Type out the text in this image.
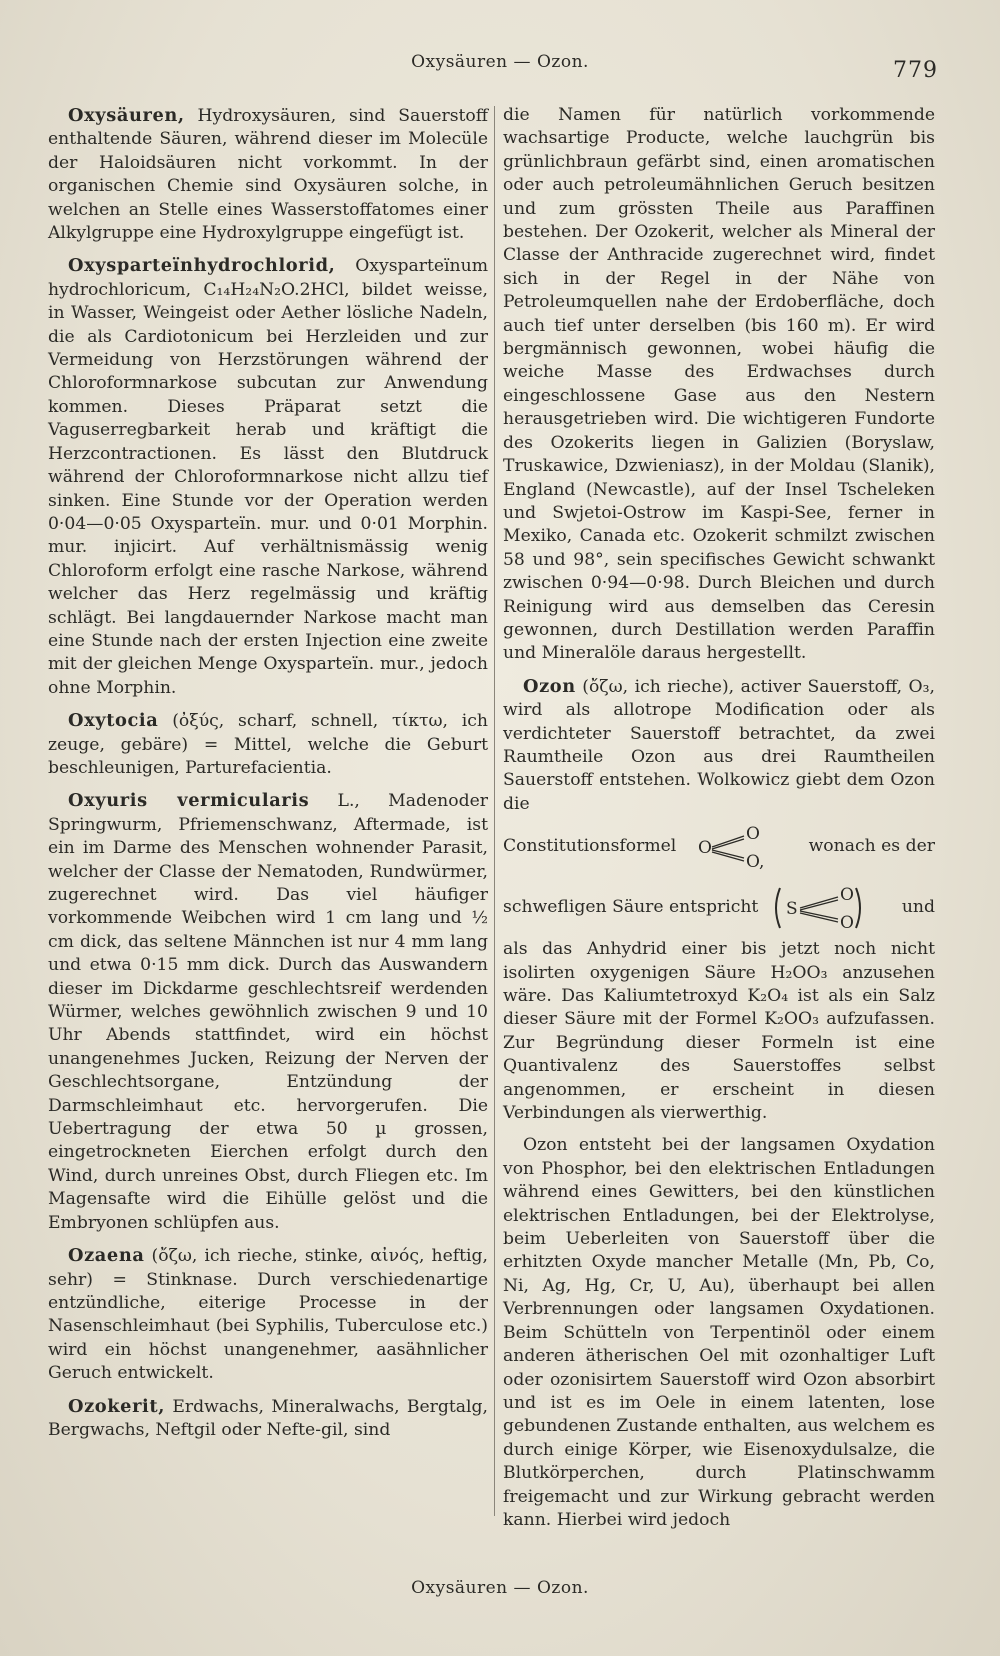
Oxysäuren — Ozon.	779

Oxysäuren, Hydroxysäuren, sind Sauerstoff enthaltende Säuren, während dieser im Molecüle der Haloidsäuren nicht vorkommt. In der organischen Chemie sind Oxysäuren solche, in welchen an Stelle eines Wasserstoffatomes einer Alkylgruppe eine Hydroxylgruppe eingefügt ist.

Oxysparteïnhydrochlorid, Oxysparteïnum hydrochloricum, C₁₄H₂₄N₂O.2HCl, bildet weisse, in Wasser, Weingeist oder Aether lösliche Nadeln, die als Cardiotonicum bei Herzleiden und zur Vermeidung von Herzstörungen während der Chloroformnarkose subcutan zur Anwendung kommen. Dieses Präparat setzt die Vaguserregbarkeit herab und kräftigt die Herzcontractionen. Es lässt den Blutdruck während der Chloroformnarkose nicht allzu tief sinken. Eine Stunde vor der Operation werden 0·04—0·05 Oxysparteïn. mur. und 0·01 Morphin. mur. injicirt. Auf verhältnismässig wenig Chloroform erfolgt eine rasche Narkose, während welcher das Herz regelmässig und kräftig schlägt. Bei langdauernder Narkose macht man eine Stunde nach der ersten Injection eine zweite mit der gleichen Menge Oxysparteïn. mur., jedoch ohne Morphin.

Oxytocia (ὀξύς, scharf, schnell, τίκτω, ich zeuge, gebäre) = Mittel, welche die Geburt beschleunigen, Parturefacientia.

Oxyuris vermicularis L., Madenoder Springwurm, Pfriemenschwanz, Aftermade, ist ein im Darme des Menschen wohnender Parasit, welcher der Classe der Nematoden, Rundwürmer, zugerechnet wird. Das viel häufiger vorkommende Weibchen wird 1 cm lang und ½ cm dick, das seltene Männchen ist nur 4 mm lang und etwa 0·15 mm dick. Durch das Auswandern dieser im Dickdarme geschlechtsreif werdenden Würmer, welches gewöhnlich zwischen 9 und 10 Uhr Abends stattfindet, wird ein höchst unangenehmes Jucken, Reizung der Nerven der Geschlechtsorgane, Entzündung der Darmschleimhaut etc. hervorgerufen. Die Uebertragung der etwa 50 µ grossen, eingetrockneten Eierchen erfolgt durch den Wind, durch unreines Obst, durch Fliegen etc. Im Magensafte wird die Eihülle gelöst und die Embryonen schlüpfen aus.

Ozaena (ὄζω, ich rieche, stinke, αἰνός, heftig, sehr) = Stinknase. Durch verschiedenartige entzündliche, eiterige Processe in der Nasenschleimhaut (bei Syphilis, Tuberculose etc.) wird ein höchst unangenehmer, aasähnlicher Geruch entwickelt.

Ozokerit, Erdwachs, Mineralwachs, Bergtalg, Bergwachs, Neftgil oder Nefte-gil, sind

die Namen für natürlich vorkommende wachsartige Producte, welche lauchgrün bis grünlichbraun gefärbt sind, einen aromatischen oder auch petroleumähnlichen Geruch besitzen und zum grössten Theile aus Paraffinen bestehen. Der Ozokerit, welcher als Mineral der Classe der Anthracide zugerechnet wird, findet sich in der Regel in der Nähe von Petroleumquellen nahe der Erdoberfläche, doch auch tief unter derselben (bis 160 m). Er wird bergmännisch gewonnen, wobei häufig die weiche Masse des Erdwachses durch eingeschlossene Gase aus den Nestern herausgetrieben wird. Die wichtigeren Fundorte des Ozokerits liegen in Galizien (Boryslaw, Truskawice, Dzwieniasz), in der Moldau (Slanik), England (Newcastle), auf der Insel Tscheleken und Swjetoi-Ostrow im Kaspi-See, ferner in Mexiko, Canada etc. Ozokerit schmilzt zwischen 58 und 98°, sein specifisches Gewicht schwankt zwischen 0·94—0·98. Durch Bleichen und durch Reinigung wird aus demselben das Ceresin gewonnen, durch Destillation werden Paraffin und Mineralöle daraus hergestellt.

Ozon (ὄζω, ich rieche), activer Sauerstoff, O₃, wird als allotrope Modification oder als verdichteter Sauerstoff betrachtet, da zwei Raumtheile Ozon aus drei Raumtheilen Sauerstoff entstehen. Wolkowicz giebt dem Ozon die

Constitutionsformel O
O
O,
wonach es der
schwefligen Säure entspricht S
O
O
und

als das Anhydrid einer bis jetzt noch nicht isolirten oxygenigen Säure H₂OO₃ anzusehen wäre. Das Kaliumtetroxyd K₂O₄ ist als ein Salz dieser Säure mit der Formel K₂OO₃ aufzufassen. Zur Begründung dieser Formeln ist eine Quantivalenz des Sauerstoffes selbst angenommen, er erscheint in diesen Verbindungen als vierwerthig.

Ozon entsteht bei der langsamen Oxydation von Phosphor, bei den elektrischen Entladungen während eines Gewitters, bei den künstlichen elektrischen Entladungen, bei der Elektrolyse, beim Ueberleiten von Sauerstoff über die erhitzten Oxyde mancher Metalle (Mn, Pb, Co, Ni, Ag, Hg, Cr, U, Au), überhaupt bei allen Verbrennungen oder langsamen Oxydationen. Beim Schütteln von Terpentinöl oder einem anderen ätherischen Oel mit ozonhaltiger Luft oder ozonisirtem Sauerstoff wird Ozon absorbirt und ist es im Oele in einem latenten, lose gebundenen Zustande enthalten, aus welchem es durch einige Körper, wie Eisenoxydulsalze, die Blutkörperchen, durch Platinschwamm freigemacht und zur Wirkung gebracht werden kann. Hierbei wird jedoch

Oxysäuren — Ozon.
